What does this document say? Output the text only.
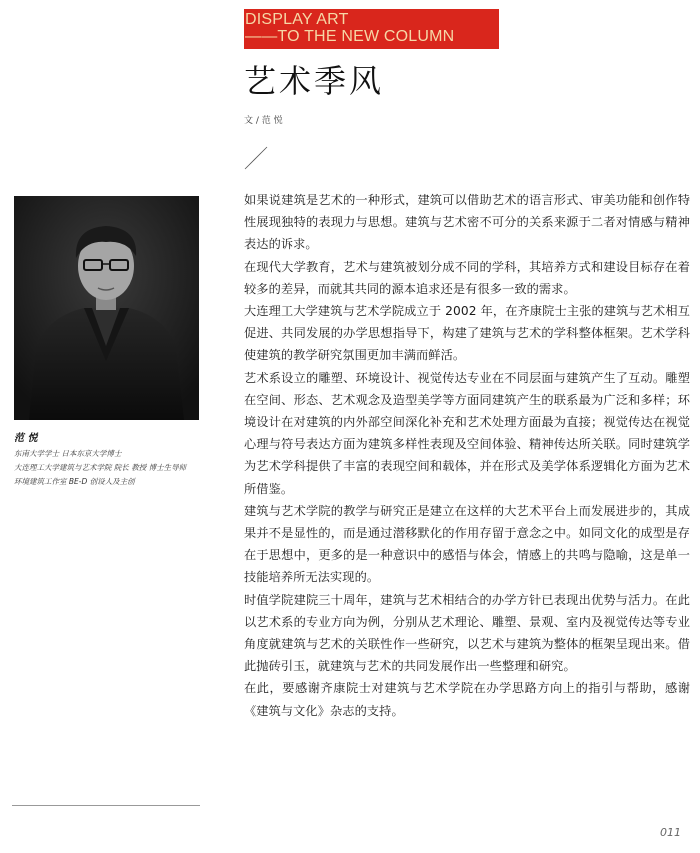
DISPLAY ART
——TO THE NEW COLUMN
艺术季风
文 / 范 悦
范 悦
东南大学学士 日本东京大学博士
大连理工大学建筑与艺术学院 院长 教授 博士生导师
环境建筑工作室 BE-D 创设人及主创

如果说建筑是艺术的一种形式，建筑可以借助艺术的语言形式、审美功能和创作特性展现独特的表现力与思想。建筑与艺术密不可分的关系来源于二者对情感与精神表达的诉求。

在现代大学教育，艺术与建筑被划分成不同的学科，其培养方式和建设目标存在着较多的差异，而就其共同的源本追求还是有很多一致的需求。

大连理工大学建筑与艺术学院成立于 2002 年，在齐康院士主张的建筑与艺术相互促进、共同发展的办学思想指导下，构建了建筑与艺术的学科整体框架。艺术学科使建筑的教学研究氛围更加丰满而鲜活。

艺术系设立的雕塑、环境设计、视觉传达专业在不同层面与建筑产生了互动。雕塑在空间、形态、艺术观念及造型美学等方面同建筑产生的联系最为广泛和多样；环境设计在对建筑的内外部空间深化补充和艺术处理方面最为直接；视觉传达在视觉心理与符号表达方面为建筑多样性表现及空间体验、精神传达所关联。同时建筑学为艺术学科提供了丰富的表现空间和载体，并在形式及美学体系逻辑化方面为艺术所借鉴。

建筑与艺术学院的教学与研究正是建立在这样的大艺术平台上而发展进步的，其成果并不是显性的，而是通过潜移默化的作用存留于意念之中。如同文化的成型是存在于思想中，更多的是一种意识中的感悟与体会，情感上的共鸣与隐喻，这是单一技能培养所无法实现的。

时值学院建院三十周年，建筑与艺术相结合的办学方针已表现出优势与活力。在此以艺术系的专业方向为例，分别从艺术理论、雕塑、景观、室内及视觉传达等专业角度就建筑与艺术的关联性作一些研究，以艺术与建筑为整体的框架呈现出来。借此抛砖引玉，就建筑与艺术的共同发展作出一些整理和研究。

在此，要感谢齐康院士对建筑与艺术学院在办学思路方向上的指引与帮助，感谢《建筑与文化》杂志的支持。

011
